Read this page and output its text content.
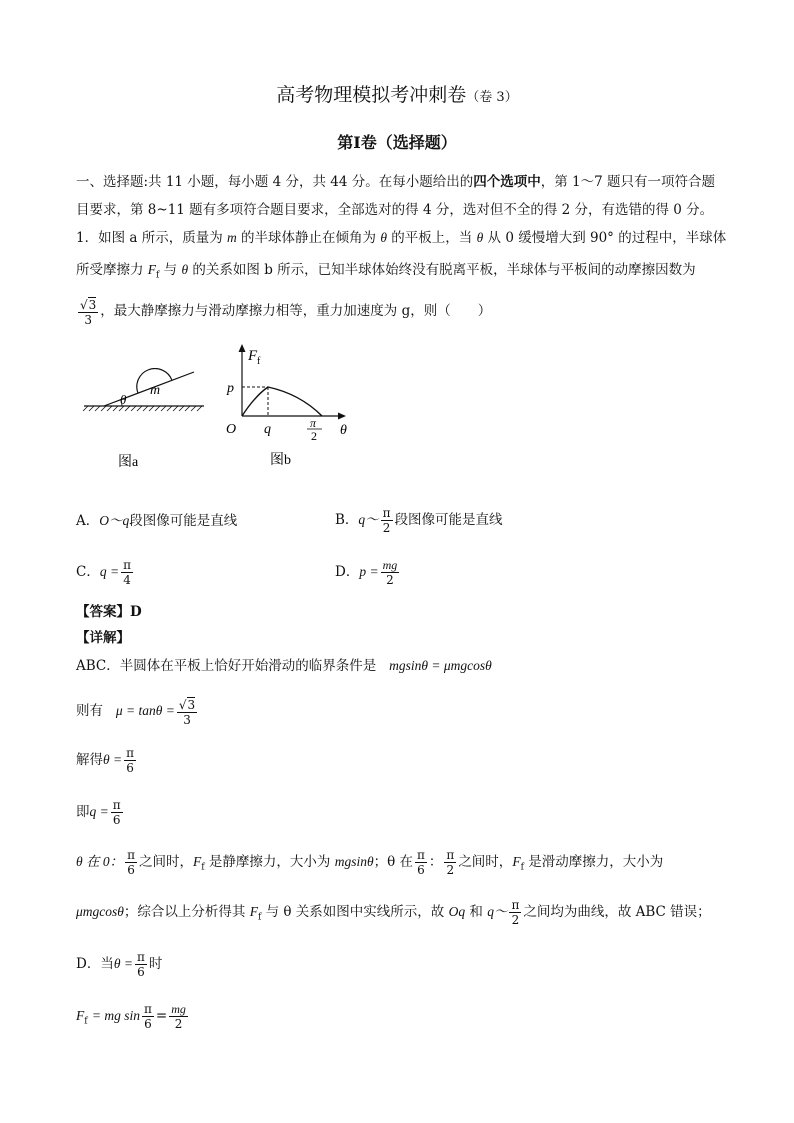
高考物理模拟考冲刺卷（卷 3）
第Ⅰ卷（选择题）
一、选择题:共 11 小题，每小题 4 分，共 44 分。在每小题给出的四个选项中，第 1～7 题只有一项符合题
目要求，第 8~11 题有多项符合题目要求，全部选对的得 4 分，选对但不全的得 2 分，有选错的得 0 分。
1．如图 a 所示，质量为 m 的半球体静止在倾角为 θ 的平板上，当 θ 从 0 缓慢增大到 90° 的过程中，半球体
所受摩擦力 $F_f$ 与 θ 的关系如图 b 所示，已知半球体始终没有脱离平板，半球体与平板间的动摩擦因数为
$\frac{√3}{3}$ ，最大静摩擦力与滑动摩擦力相等，重力加速度为 g，则（　　）
m
θ
图a
F f
p
O q	π
2 θ
图b
A．O～q段图像可能是直线	B．q～ $\frac{\pi}{2}$ 段图像可能是直线
C．$q = \frac{\pi}{4}$	D．$p = \frac{mg}{2}$
【答案】D
【详解】
ABC．半圆体在平板上恰好开始滑动的临界条件是 mgsinθ = μmgcosθ
则有 $\mu = \tan\theta = \frac{√3}{3}$
解得$\theta = \frac{\pi}{6}$
即$q = \frac{\pi}{6}$
θ 在 0： $\frac{\pi}{6}$ 之间时，$F_f$ 是静摩擦力，大小为 mgsinθ；θ 在 $\frac{\pi}{6}$ ： $\frac{\pi}{2}$ 之间时，$F_f$ 是滑动摩擦力，大小为
μmgcosθ；综合以上分析得其 $F_f$ 与 θ 关系如图中实线所示，故 Oq 和 q～ $\frac{\pi}{2}$ 之间均为曲线，故 ABC 错误；
D．当$\theta = \frac{\pi}{6}$ 时
$F_f$ = mg $\sin \frac{\pi}{6} = \frac{mg}{2}$
